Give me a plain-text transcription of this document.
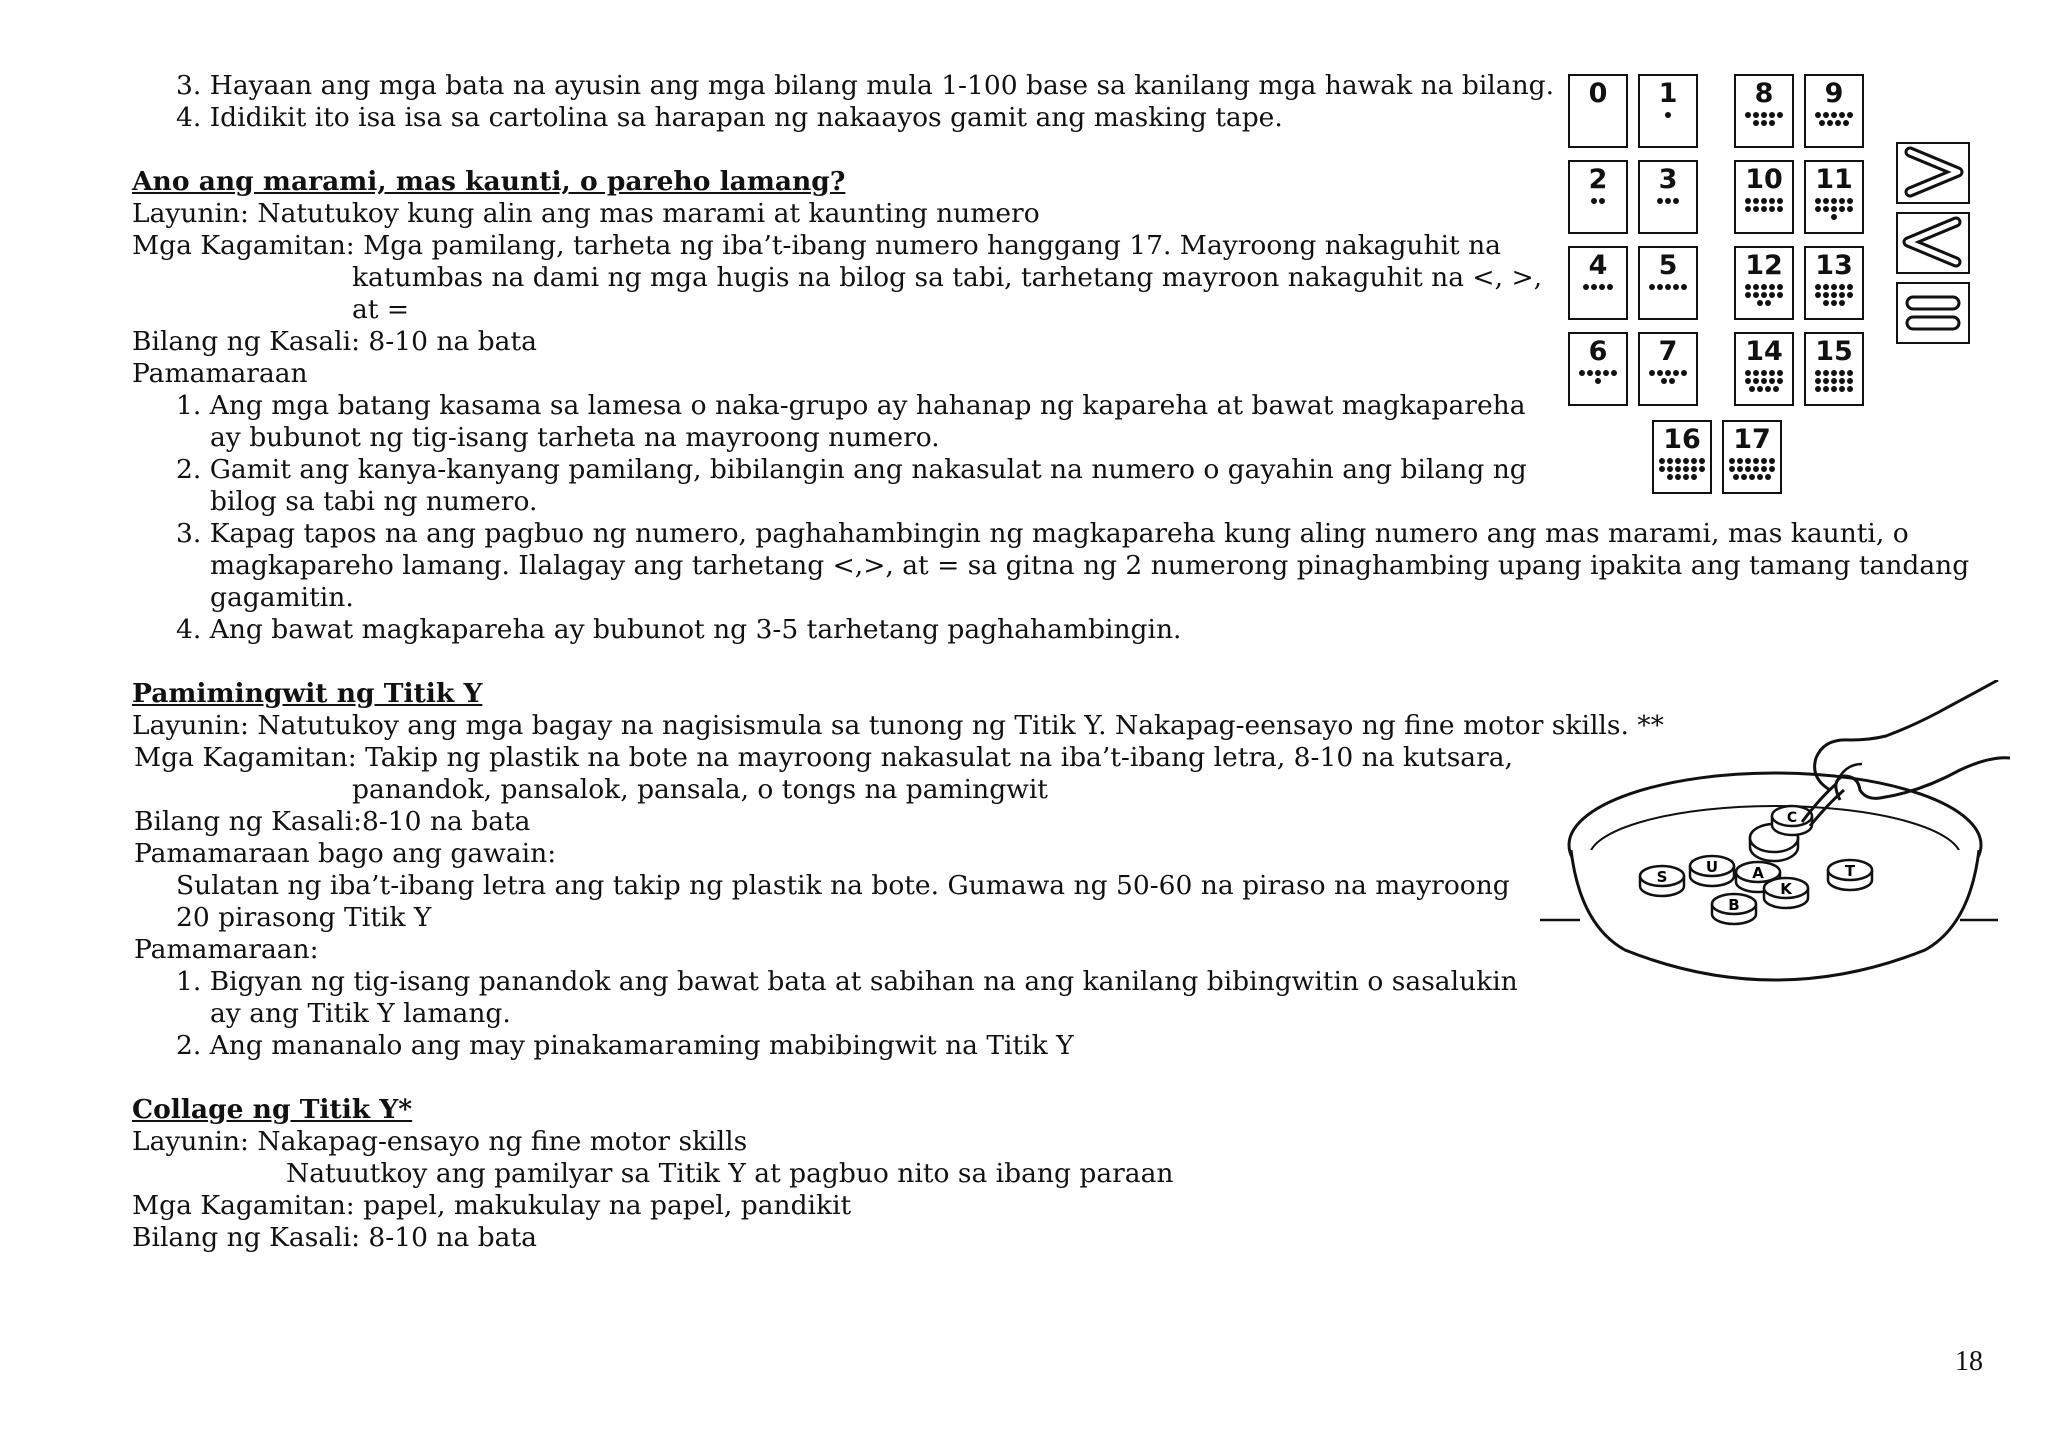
3. Hayaan ang mga bata na ayusin ang mga bilang mula 1-100 base sa kanilang mga hawak na bilang.
4. Ididikit ito isa isa sa cartolina sa harapan ng nakaayos gamit ang masking tape.
Ano ang marami, mas kaunti, o pareho lamang?
Layunin: Natutukoy kung alin ang mas marami at kaunting numero
Mga Kagamitan: Mga pamilang, tarheta ng iba’t-ibang numero hanggang 17. Mayroong nakaguhit na
katumbas na dami ng mga hugis na bilog sa tabi, tarhetang mayroon nakaguhit na <, >,
at =
Bilang ng Kasali: 8-10 na bata
Pamamaraan
1. Ang mga batang kasama sa lamesa o naka-grupo ay hahanap ng kapareha at bawat magkapareha
ay bubunot ng tig-isang tarheta na mayroong numero.
2. Gamit ang kanya-kanyang pamilang, bibilangin ang nakasulat na numero o gayahin ang bilang ng
bilog sa tabi ng numero.
3. Kapag tapos na ang pagbuo ng numero, paghahambingin ng magkapareha kung aling numero ang mas marami, mas kaunti, o
magkapareho lamang. Ilalagay ang tarhetang <,>, at = sa gitna ng 2 numerong pinaghambing upang ipakita ang tamang tandang
gagamitin.
4. Ang bawat magkapareha ay bubunot ng 3-5 tarhetang paghahambingin.
Pamimingwit ng Titik Y
Layunin: Natutukoy ang mga bagay na nagisismula sa tunong ng Titik Y. Nakapag-eensayo ng fine motor skills. **
Mga Kagamitan: Takip ng plastik na bote na mayroong nakasulat na iba’t-ibang letra, 8-10 na kutsara,
panandok, pansalok, pansala, o tongs na pamingwit
Bilang ng Kasali:8-10 na bata
Pamamaraan bago ang gawain:
Sulatan ng iba’t-ibang letra ang takip ng plastik na bote. Gumawa ng 50-60 na piraso na mayroong
20 pirasong Titik Y
Pamamaraan:
1. Bigyan ng tig-isang panandok ang bawat bata at sabihan na ang kanilang bibingwitin o sasalukin
ay ang Titik Y lamang.
2. Ang mananalo ang may pinakamaraming mabibingwit na Titik Y
Collage ng Titik Y*
Layunin: Nakapag-ensayo ng fine motor skills
Natuutkoy ang pamilyar sa Titik Y at pagbuo nito sa ibang paraan
Mga Kagamitan: papel, makukulay na papel, pandikit
Bilang ng Kasali: 8-10 na bata
18
0	1	8	9
2	3	10	11
4	5	12	13
6	7	14	15
16	17
S
U A
K
T
B
C
